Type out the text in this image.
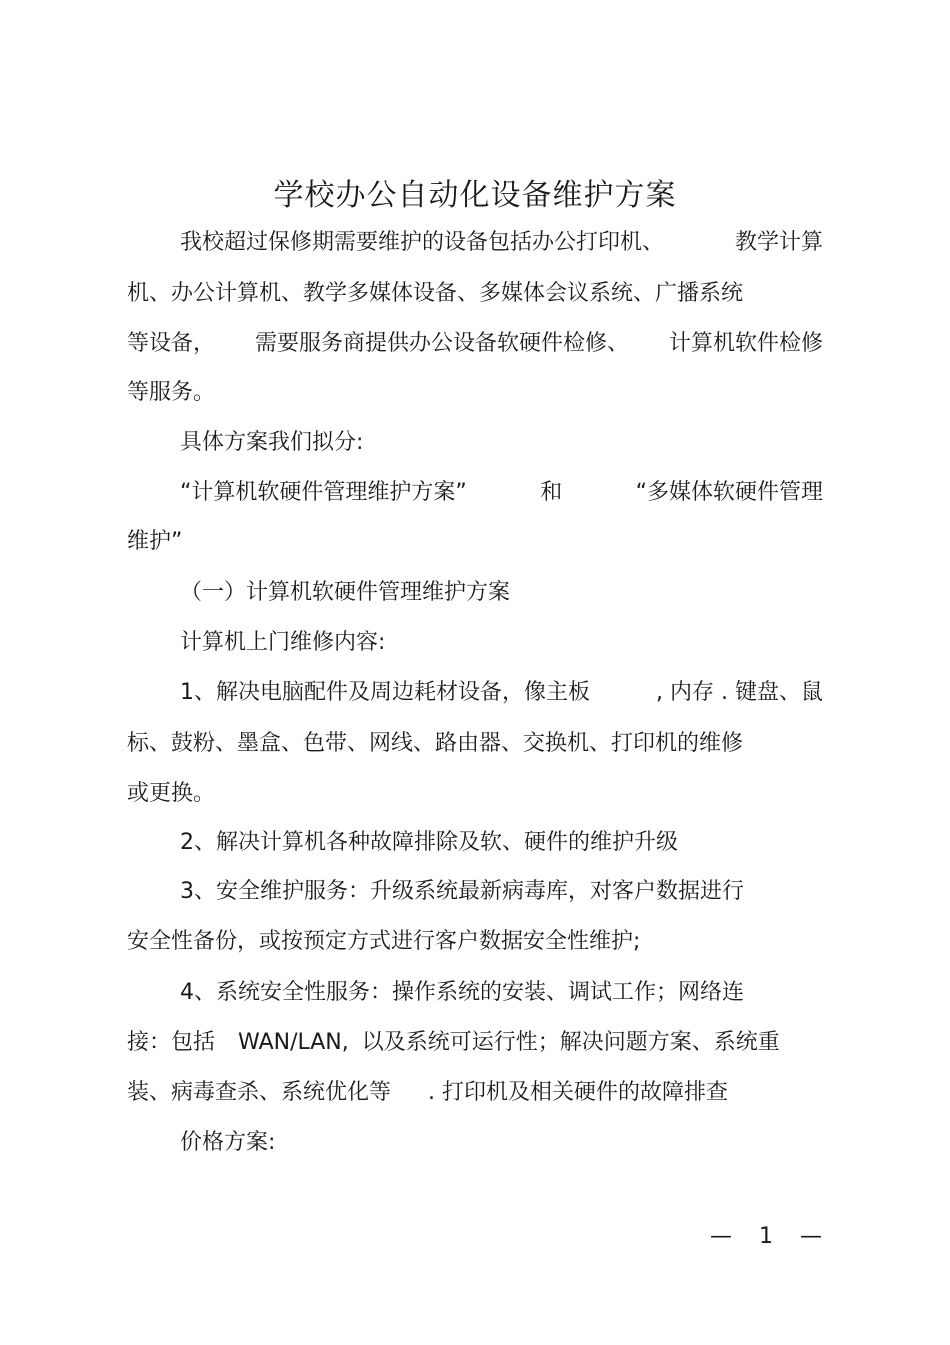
学校办公自动化设备维护方案
我校超过保修期需要维护的设备包括办公打印机、	教学计算
机、办公计算机、教学多媒体设备、多媒体会议系统、广播系统
等设备， 需要服务商提供办公设备软硬件检修、 计算机软件检修
等服务。
具体方案我们拟分:
“计算机软硬件管理维护方案”	和	“多媒体软硬件管理
维护”
（一）计算机软硬件管理维护方案
计算机上门维修内容:
1、解决电脑配件及周边耗材设备，像主板	, 内存 . 键盘、鼠
标、鼓粉、墨盒、色带、网线、路由器、交换机、打印机的维修
或更换。
2、解决计算机各种故障排除及软、硬件的维护升级
3、安全维护服务：升级系统最新病毒库，对客户数据进行
安全性备份，或按预定方式进行客户数据安全性维护;
4、系统安全性服务：操作系统的安装、调试工作；网络连
接：包括 WAN/LAN, 以及系统可运行性；解决问题方案、系统重
装、病毒查杀、系统优化等 . 打印机及相关硬件的故障排查
价格方案:
— 1 —
